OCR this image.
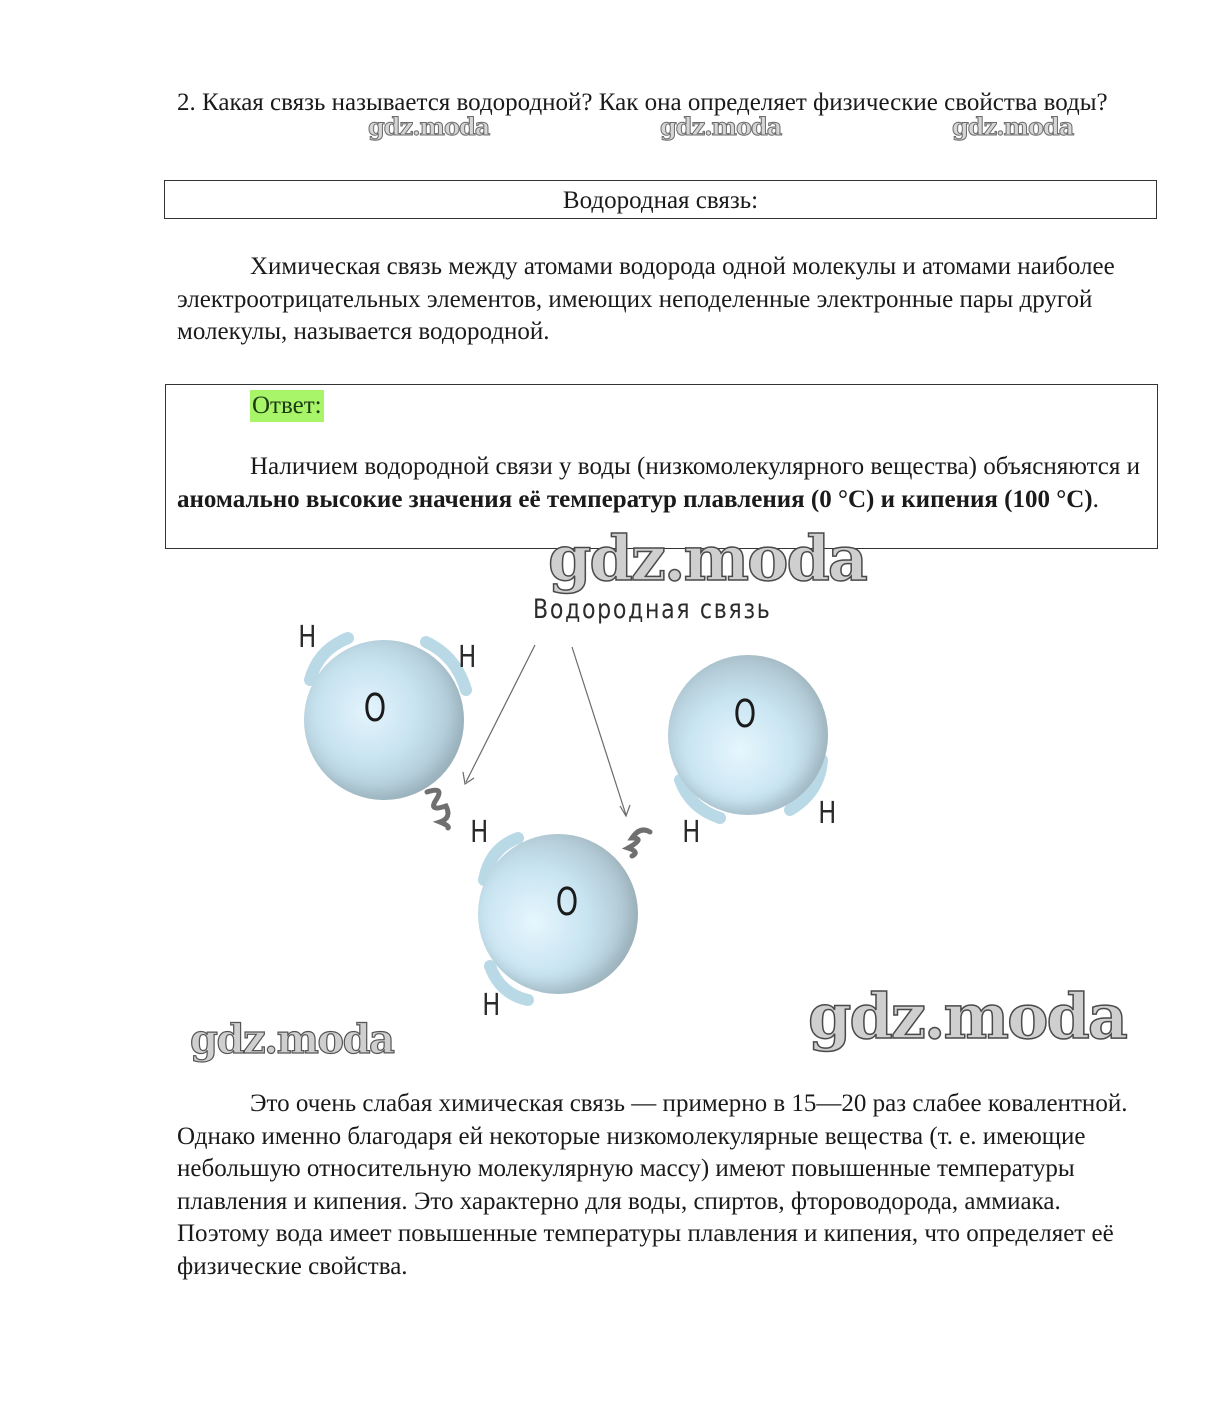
2. Какая связь называется водородной? Как она определяет физические свойства воды?
gdz.moda	gdz.moda	gdz.moda
Водородная связь:
Химическая связь между атомами водорода одной молекулы и атомами наиболее электроотрицательных элементов, имеющих неподеленные электронные пары другой молекулы, называется водородной.
Ответ:
Наличием водородной связи у воды (низкомолекулярного вещества) объясняются и аномально высокие значения её температур плавления (0 °С) и кипения (100 °С).
gdz.moda
Водородная связь
O
H
H
O
H
H
O
H
H
gdz.moda	gdz.moda
Это очень слабая химическая связь — примерно в 15—20 раз слабее ковалентной. Однако именно благодаря ей некоторые низкомолекулярные вещества (т. е. имеющие небольшую относительную молекулярную массу) имеют повышенные температуры плавления и кипения. Это характерно для воды, спиртов, фтороводорода, аммиака. Поэтому вода имеет повышенные температуры плавления и кипения, что определяет её физические свойства.
